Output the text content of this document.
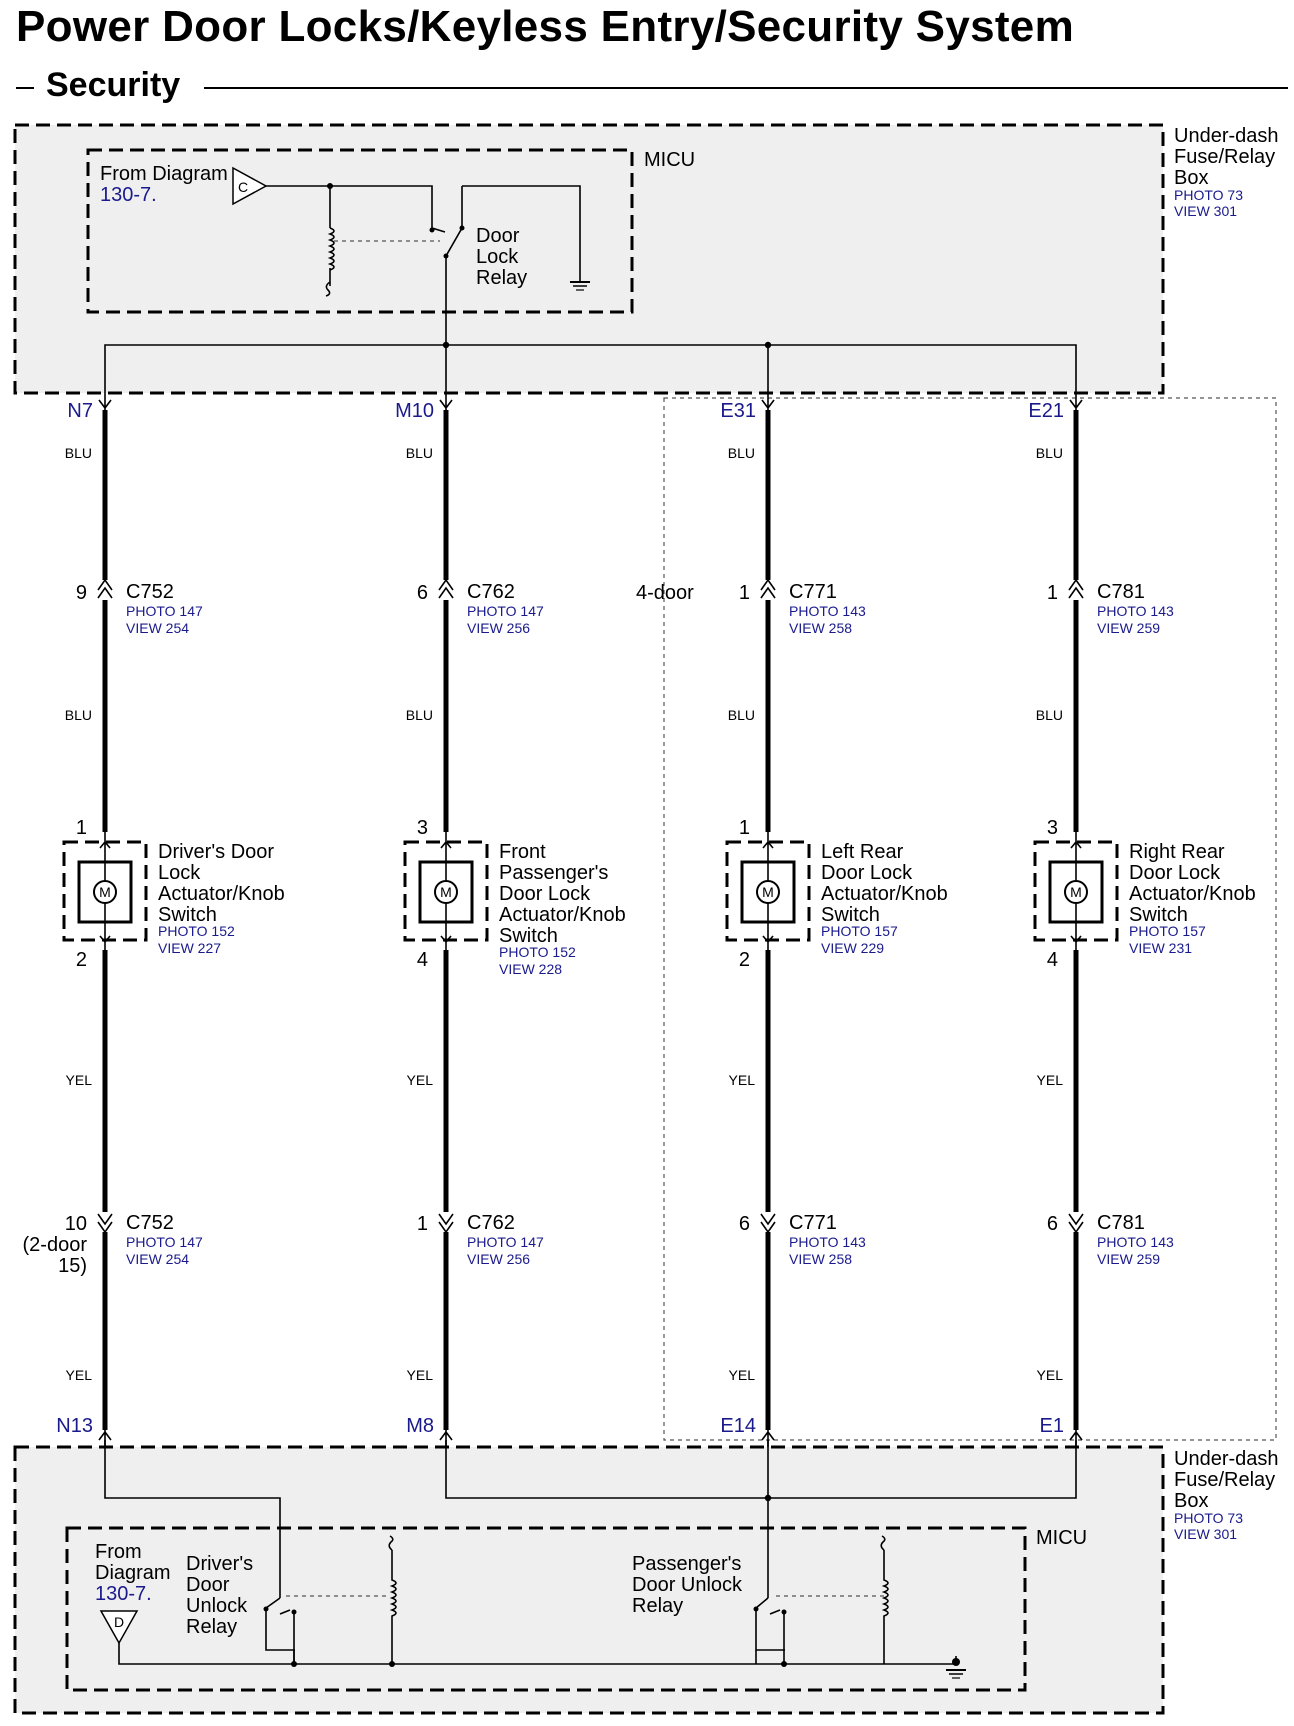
Power Door Locks/Keyless Entry/Security System
Security
MICU
From Diagram
130-7.	C
Door
Lock
Relay
Under-dash
Fuse/Relay
Box
PHOTO 73
VIEW 301
4-door
MICU
From
Diagram
130-7.
D
Driver's
Door
Unlock
Relay
Passenger's
Door Unlock
Relay
Under-dash
Fuse/Relay
Box
PHOTO 73
VIEW 301
M
N7
N13
BLU
BLU
YEL
YEL
9 C752
PHOTO 147
VIEW 254
1
2
Driver's Door
Lock
Actuator/Knob
Switch
PHOTO 152
VIEW 227
10
(2-door
15)
C752
PHOTO 147
VIEW 254
M
M10
M8
BLU
BLU
YEL
YEL
6 C762
PHOTO 147
VIEW 256
3
4
Front
Passenger's
Door Lock
Actuator/Knob
Switch
PHOTO 152
VIEW 228
1 C762
PHOTO 147
VIEW 256
M
E31
E14
BLU
BLU
YEL
YEL
1 C771
PHOTO 143
VIEW 258
1
2
Left Rear
Door Lock
Actuator/Knob
Switch
PHOTO 157
VIEW 229
6 C771
PHOTO 143
VIEW 258
M
E21
E1
BLU
BLU
YEL
YEL
1 C781
PHOTO 143
VIEW 259
3
4
Right Rear
Door Lock
Actuator/Knob
Switch
PHOTO 157
VIEW 231
6 C781
PHOTO 143
VIEW 259
